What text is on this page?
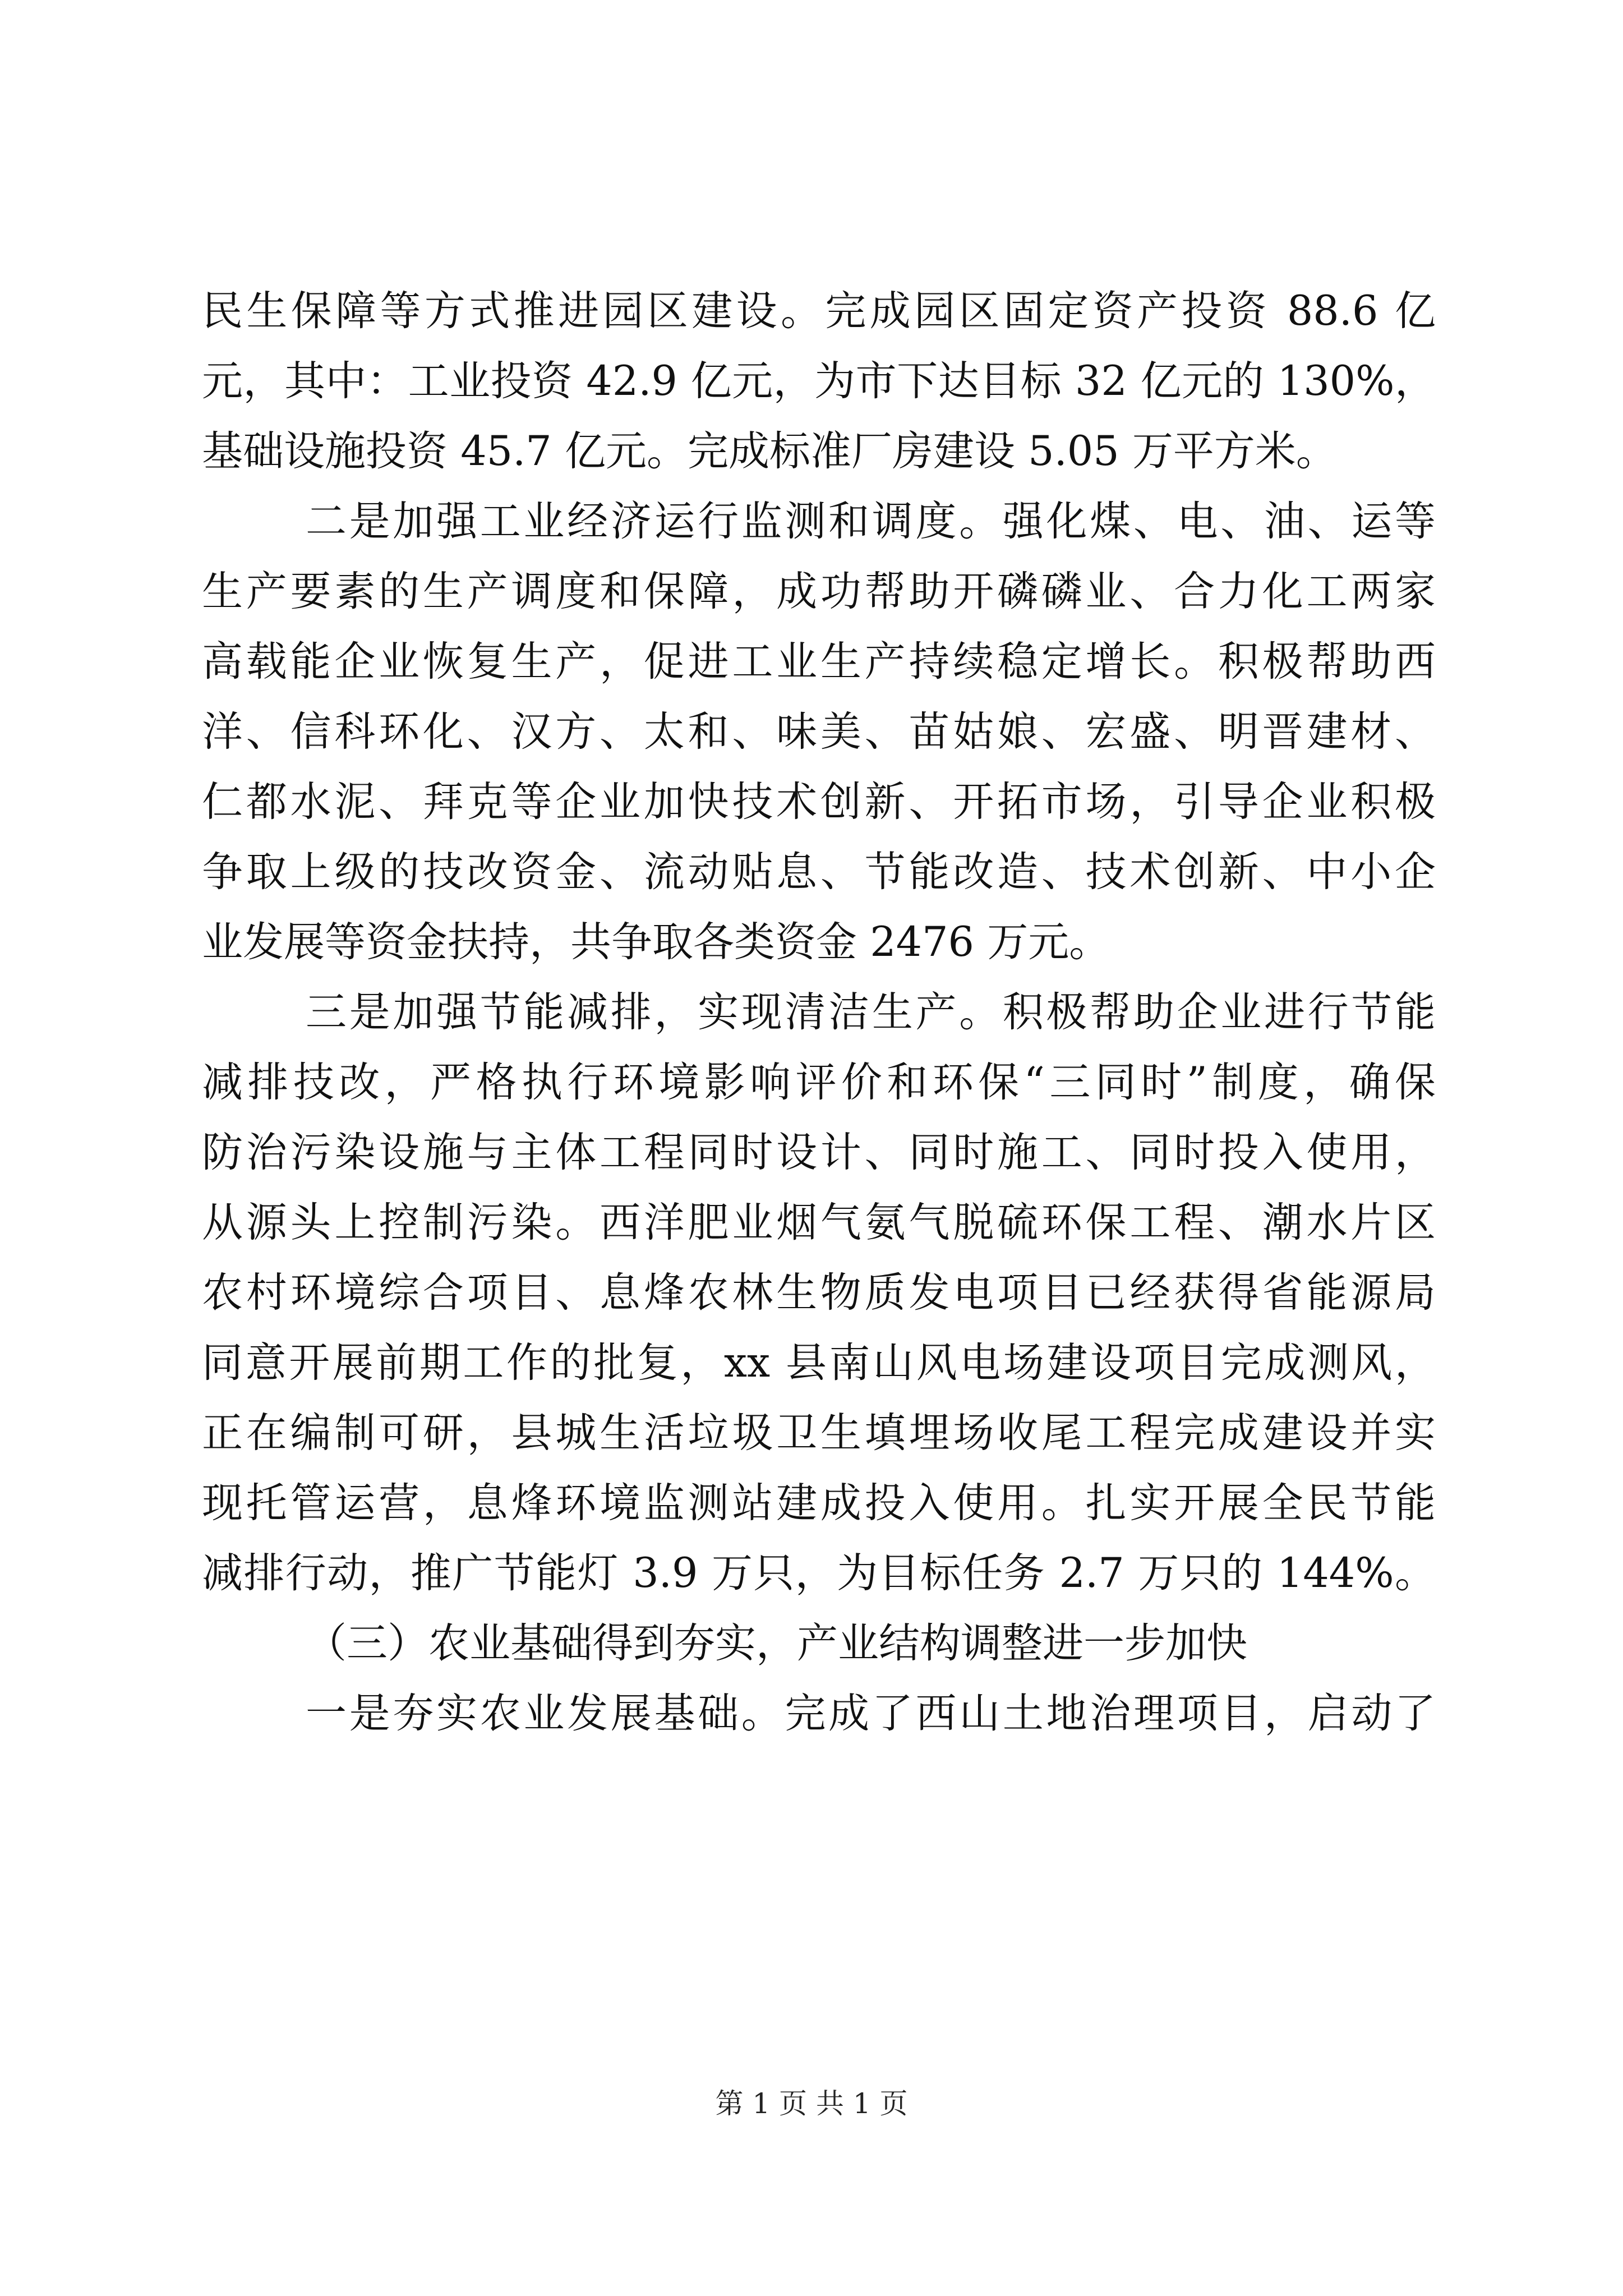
民生保障等方式推进园区建设。完成园区固定资产投资 88.6 亿
元，其中：工业投资 42.9 亿元，为市下达目标 32 亿元的 130%，
基础设施投资 45.7 亿元。完成标准厂房建设 5.05 万平方米。
二是加强工业经济运行监测和调度。强化煤、电、油、运等
生产要素的生产调度和保障，成功帮助开磷磷业、合力化工两家
高载能企业恢复生产，促进工业生产持续稳定增长。积极帮助西
洋、信科环化、汉方、太和、味美、苗姑娘、宏盛、明晋建材、
仁都水泥、拜克等企业加快技术创新、开拓市场，引导企业积极
争取上级的技改资金、流动贴息、节能改造、技术创新、中小企
业发展等资金扶持，共争取各类资金 2476 万元。
三是加强节能减排，实现清洁生产。积极帮助企业进行节能
减排技改，严格执行环境影响评价和环保“三同时”制度，确保
防治污染设施与主体工程同时设计、同时施工、同时投入使用，
从源头上控制污染。西洋肥业烟气氨气脱硫环保工程、潮水片区
农村环境综合项目、息烽农林生物质发电项目已经获得省能源局
同意开展前期工作的批复，xx 县南山风电场建设项目完成测风，
正在编制可研，县城生活垃圾卫生填埋场收尾工程完成建设并实
现托管运营，息烽环境监测站建成投入使用。扎实开展全民节能
减排行动，推广节能灯 3.9 万只，为目标任务 2.7 万只的 144%。
（三）农业基础得到夯实，产业结构调整进一步加快
一是夯实农业发展基础。完成了西山土地治理项目，启动了
第 1 页 共 1 页
